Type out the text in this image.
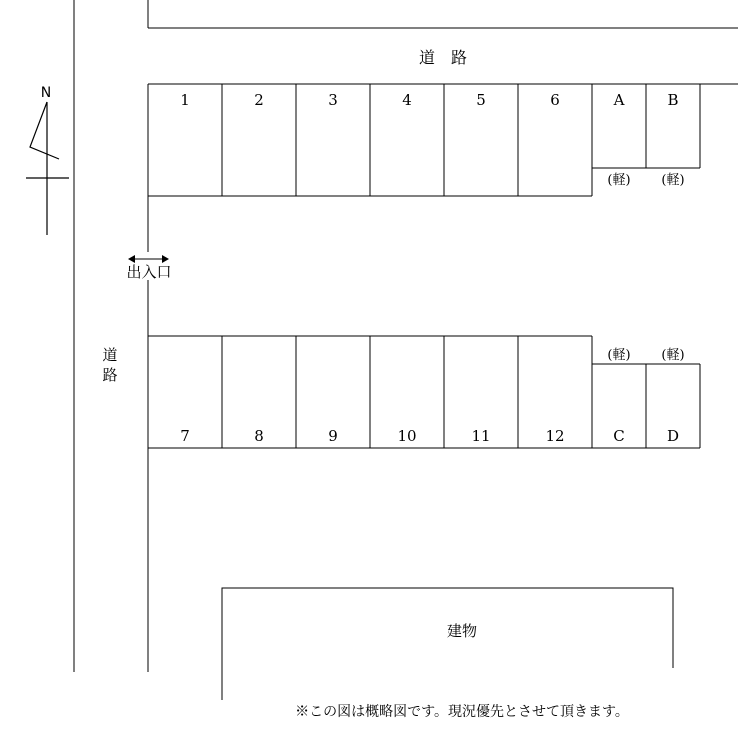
道　路
道
路
N	1	2	3	4	5	6	A	B
(軽) (軽)
出入口
7	8	9	10	11	12	C	D
(軽) (軽)
建物
※この図は概略図です。現況優先とさせて頂きます。
